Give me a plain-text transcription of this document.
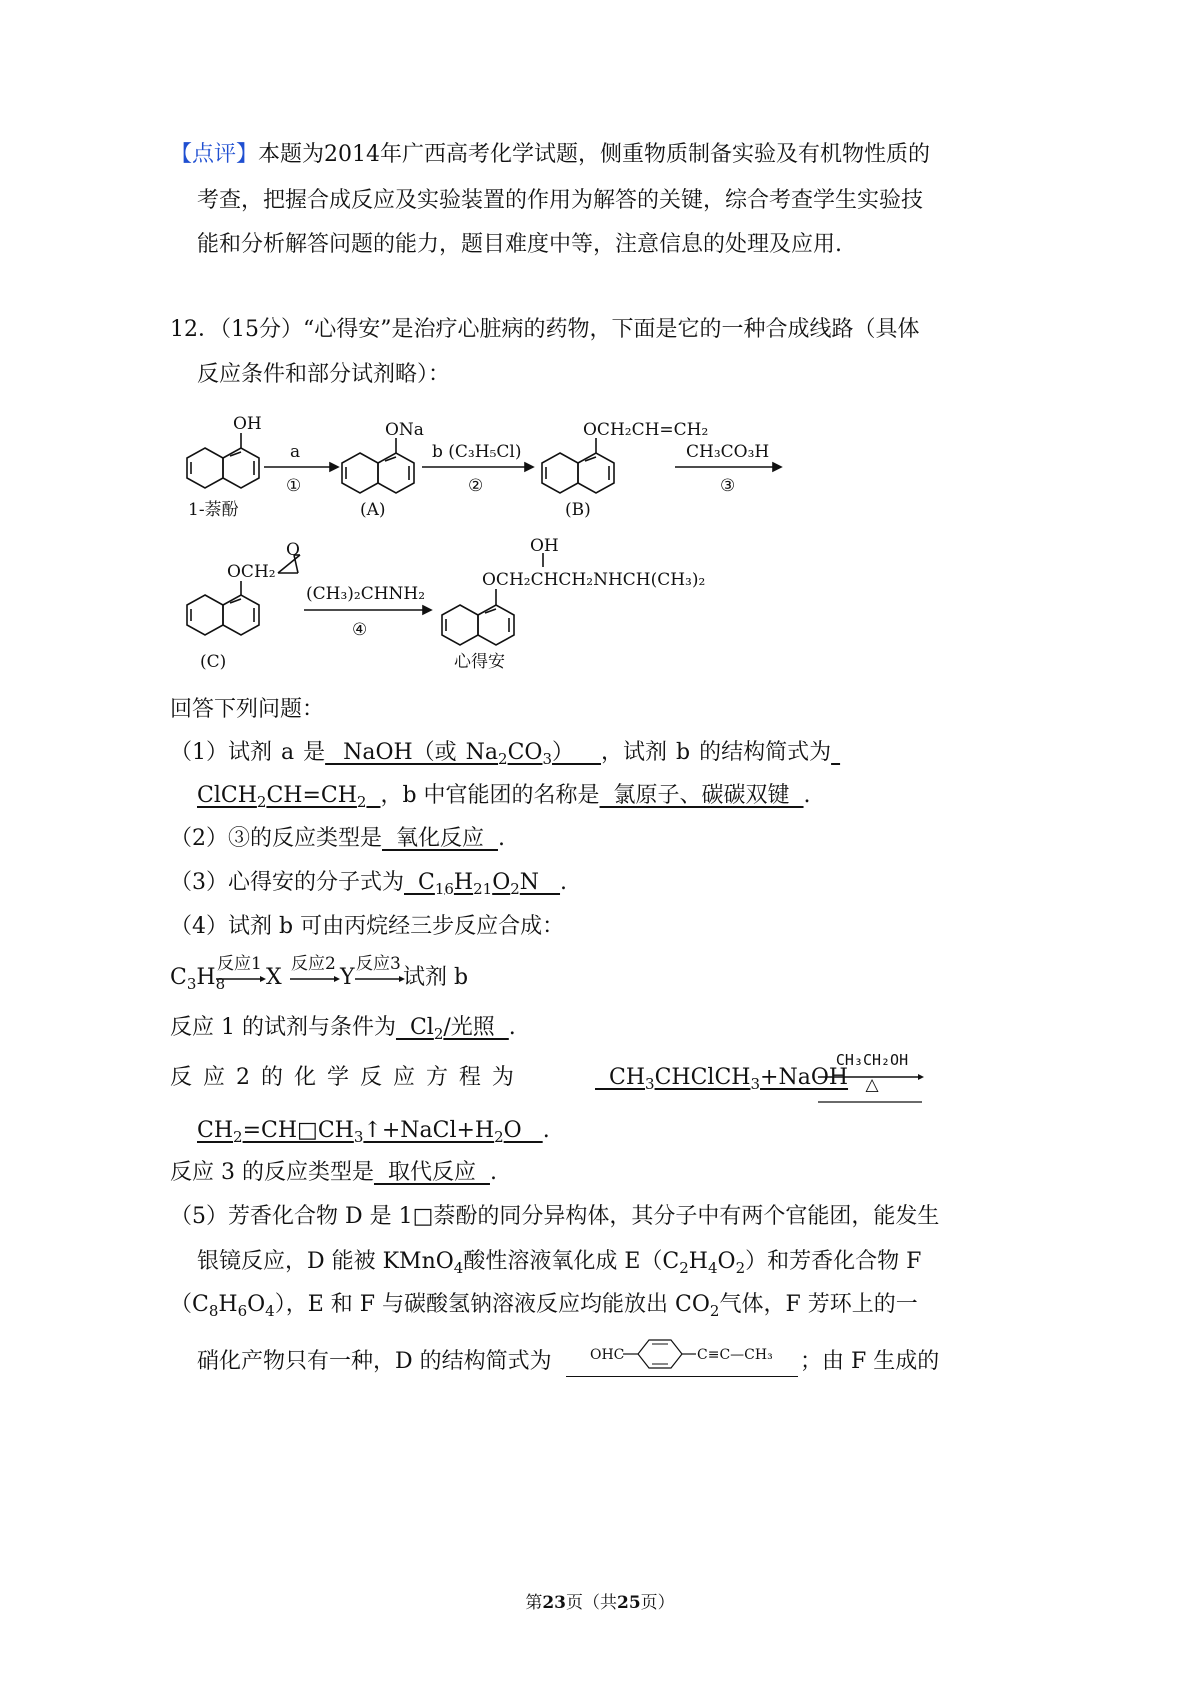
【点评】本题为2014年广西高考化学试题，侧重物质制备实验及有机物性质的
考查，把握合成反应及实验装置的作用为解答的关键，综合考查学生实验技
能和分析解答问题的能力，题目难度中等，注意信息的处理及应用.
12．（15分）“心得安”是治疗心脏病的药物，下面是它的一种合成线路（具体
反应条件和部分试剂略）：
OH	ONa	OCH₂CH=CH₂
OCH₂
O	OH
OCH₂CHCH₂NHCH(CH₃)₂
a
①
b (C₃H₅Cl)
②
CH₃CO₃H
③
(CH₃)₂CHNH₂
④
1-萘酚	(A)	(B)
(C)	心得安
回答下列问题：
（1）试剂 a 是  NaOH（或 $Na_2CO_3$）   ，试剂 b 的结构简式为
$ClCH_2CH=CH_2$ ，b 中官能团的名称是  氯原子、碳碳双键  .
（2）③的反应类型是  氧化反应  .
（3）心得安的分子式为  $C_{16}H_{21}O_2N$   .
（4）试剂 b 可由丙烷经三步反应合成：
$C_3H_8$
反应1
X
反应2
Y
反应3
试剂 b
反应 1 的试剂与条件为  $Cl_2/$光照  .
反 应 2 的 化 学 反 应 方 程 为	$CH_3CHClCH_3+NaOH$
CH₃CH₂OH
△
$CH_2=CH□CH_3↑+NaCl+H_2O$   .
反应 3 的反应类型是  取代反应  .
（5）芳香化合物 D 是 1□萘酚的同分异构体，其分子中有两个官能团，能发生
银镜反应，D 能被 KMnO$_4$酸性溶液氧化成 $E(C_2H_4O_2)$和芳香化合物 F
$(C_8H_6O_4)$，E 和 F 与碳酸氢钠溶液反应均能放出 $CO_2$气体，F 芳环上的一
硝化产物只有一种，D 的结构简式为	OHC	C≡C—CH₃ ；由 F 生成的
第23页（共25页）
